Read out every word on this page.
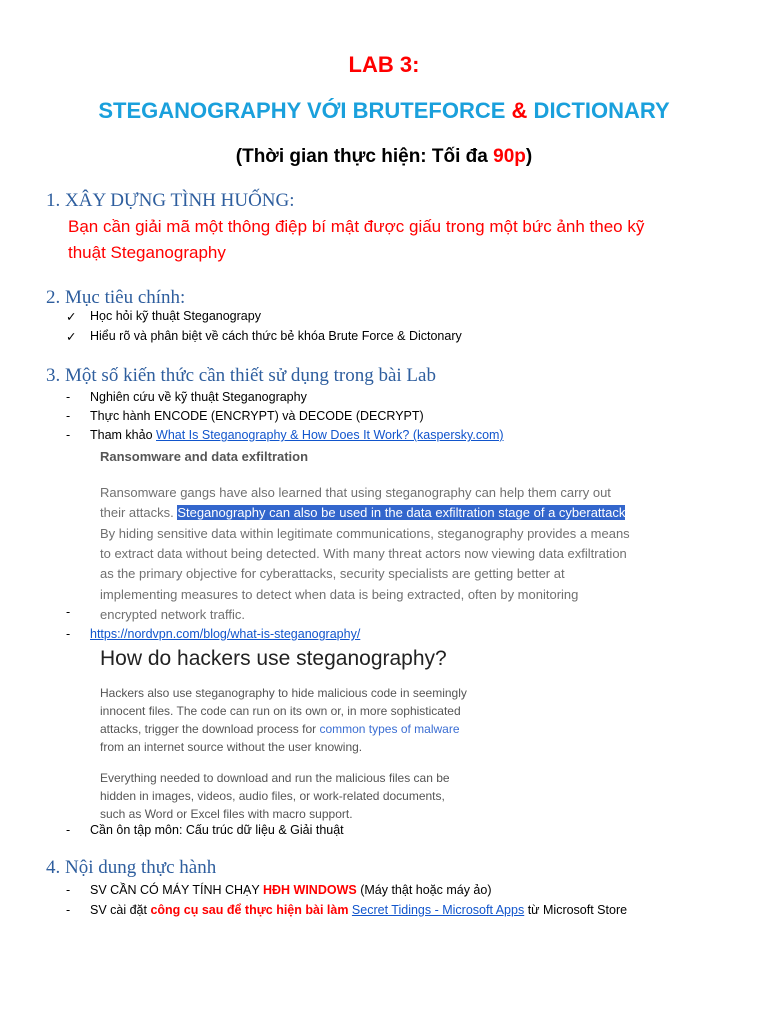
LAB 3:
STEGANOGRAPHY VỚI BRUTEFORCE & DICTIONARY
(Thời gian thực hiện: Tối đa 90p)
1. XÂY DỰNG TÌNH HUỐNG:
Bạn cần giải mã một thông điệp bí mật được giấu trong một bức ảnh theo kỹ
thuật Steganography
2. Mục tiêu chính:
✓ Học hỏi kỹ thuật Steganograpy
✓ Hiểu rõ và phân biệt về cách thức bẻ khóa Brute Force & Dictonary
3. Một số kiến thức cần thiết sử dụng trong bài Lab
- Nghiên cứu về kỹ thuật Steganography
- Thực hành ENCODE (ENCRYPT) và DECODE (DECRYPT)
- Tham khảo What Is Steganography & How Does It Work? (kaspersky.com)
Ransomware and data exfiltration
Ransomware gangs have also learned that using steganography can help them carry out
their attacks. Steganography can also be used in the data exfiltration stage of a cyberattack
By hiding sensitive data within legitimate communications, steganography provides a means
to extract data without being detected. With many threat actors now viewing data exfiltration
as the primary objective for cyberattacks, security specialists are getting better at
implementing measures to detect when data is being extracted, often by monitoring
encrypted network traffic.
-
- https://nordvpn.com/blog/what-is-steganography/
How do hackers use steganography?
Hackers also use steganography to hide malicious code in seemingly
innocent files. The code can run on its own or, in more sophisticated
attacks, trigger the download process for common types of malware
from an internet source without the user knowing.
Everything needed to download and run the malicious files can be
hidden in images, videos, audio files, or work-related documents,
such as Word or Excel files with macro support.
- Cần ôn tập môn: Cấu trúc dữ liệu & Giải thuật
4. Nội dung thực hành
- SV CẦN CÓ MÁY TÍNH CHẠY HĐH WINDOWS (Máy thật hoặc máy ảo)
- SV cài đặt công cụ sau để thực hiện bài làm Secret Tidings - Microsoft Apps từ Microsoft Store
